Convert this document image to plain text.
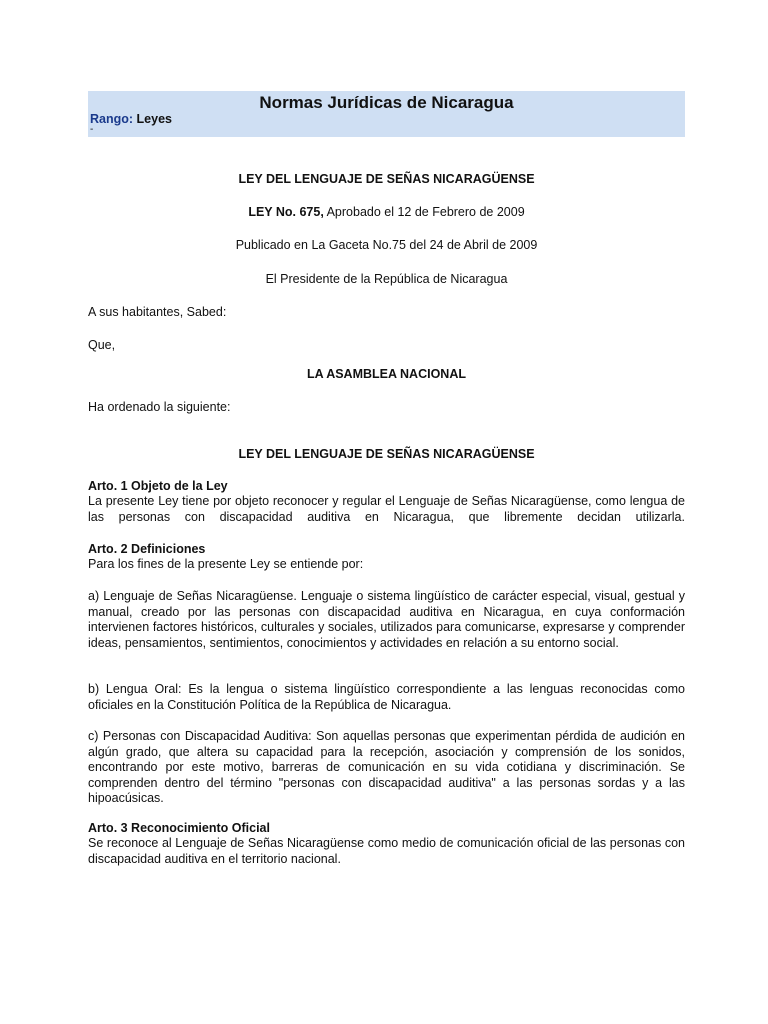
Normas Jurídicas de Nicaragua
Rango: Leyes
-
LEY DEL LENGUAJE DE SEÑAS NICARAGÜENSE
LEY No. 675, Aprobado el 12 de Febrero de 2009
Publicado en La Gaceta No.75 del 24 de Abril de 2009
El Presidente de la República de Nicaragua
A sus habitantes, Sabed:
Que,
LA ASAMBLEA NACIONAL
Ha ordenado la siguiente:
LEY DEL LENGUAJE DE SEÑAS NICARAGÜENSE
Arto. 1 Objeto de la Ley
La presente Ley tiene por objeto reconocer y regular el Lenguaje de Señas Nicaragüense, como lengua de las personas con discapacidad auditiva en Nicaragua, que libremente decidan utilizarla.
Arto. 2 Definiciones
Para los fines de la presente Ley se entiende por:
a) Lenguaje de Señas Nicaragüense. Lenguaje o sistema lingüístico de carácter especial, visual, gestual y manual, creado por las personas con discapacidad auditiva en Nicaragua, en cuya conformación intervienen factores históricos, culturales y sociales, utilizados para comunicarse, expresarse y comprender ideas, pensamientos, sentimientos, conocimientos y actividades en relación a su entorno social.
b) Lengua Oral: Es la lengua o sistema lingüístico correspondiente a las lenguas reconocidas como oficiales en la Constitución Política de la República de Nicaragua.
c) Personas con Discapacidad Auditiva: Son aquellas personas que experimentan pérdida de audición en algún grado, que altera su capacidad para la recepción, asociación y comprensión de los sonidos, encontrando por este motivo, barreras de comunicación en su vida cotidiana y discriminación. Se comprenden dentro del término "personas con discapacidad auditiva" a las personas sordas y a las hipoacúsicas.
Arto. 3 Reconocimiento Oficial
Se reconoce al Lenguaje de Señas Nicaragüense como medio de comunicación oficial de las personas con discapacidad auditiva en el territorio nacional.
